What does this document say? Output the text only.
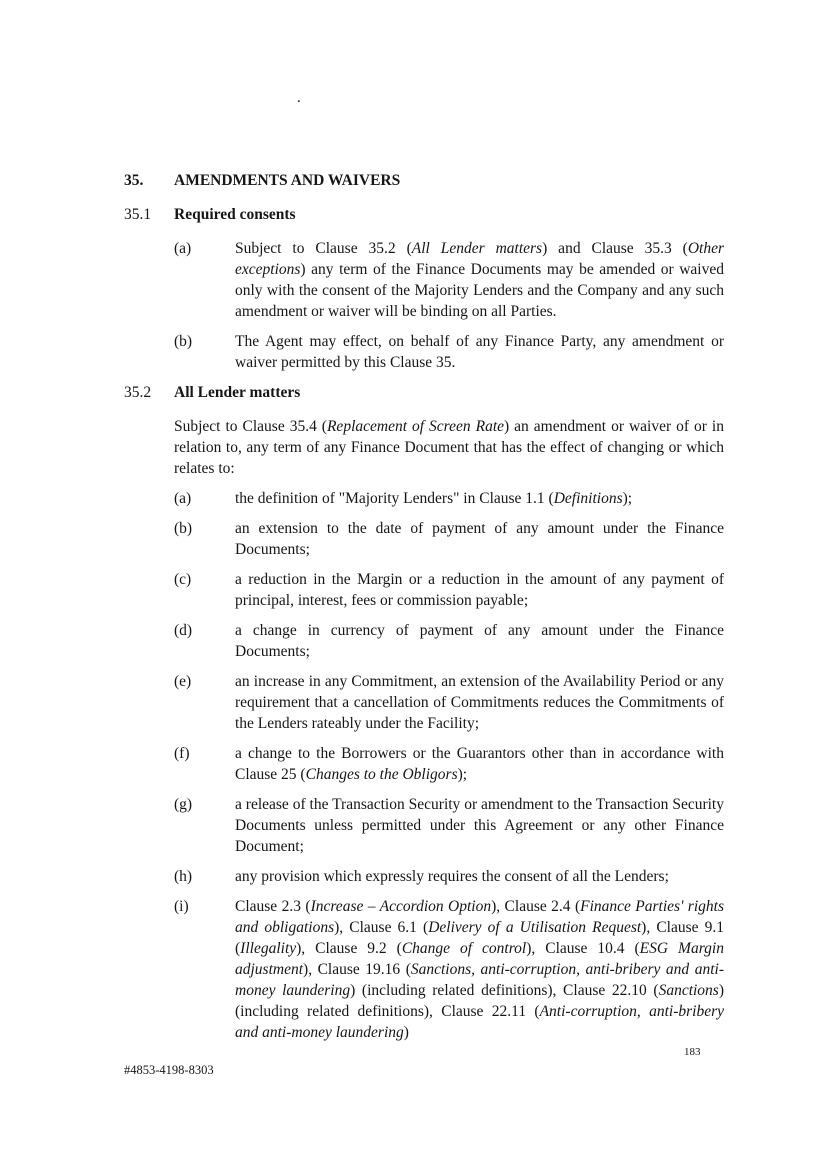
.
35.	AMENDMENTS AND WAIVERS
35.1	Required consents
(a)	Subject to Clause 35.2 (All Lender matters) and Clause 35.3 (Other exceptions) any term of the Finance Documents may be amended or waived only with the consent of the Majority Lenders and the Company and any such amendment or waiver will be binding on all Parties.
(b)	The Agent may effect, on behalf of any Finance Party, any amendment or waiver permitted by this Clause 35.
35.2	All Lender matters
Subject to Clause 35.4 (Replacement of Screen Rate) an amendment or waiver of or in relation to, any term of any Finance Document that has the effect of changing or which relates to:
(a)	the definition of "Majority Lenders" in Clause 1.1 (Definitions);
(b)	an extension to the date of payment of any amount under the Finance Documents;
(c)	a reduction in the Margin or a reduction in the amount of any payment of principal, interest, fees or commission payable;
(d)	a change in currency of payment of any amount under the Finance Documents;
(e)	an increase in any Commitment, an extension of the Availability Period or any requirement that a cancellation of Commitments reduces the Commitments of the Lenders rateably under the Facility;
(f)	a change to the Borrowers or the Guarantors other than in accordance with Clause 25 (Changes to the Obligors);
(g)	a release of the Transaction Security or amendment to the Transaction Security Documents unless permitted under this Agreement or any other Finance Document;
(h)	any provision which expressly requires the consent of all the Lenders;
(i)	Clause 2.3 (Increase – Accordion Option), Clause 2.4 (Finance Parties' rights and obligations), Clause 6.1 (Delivery of a Utilisation Request), Clause 9.1 (Illegality), Clause 9.2 (Change of control), Clause 10.4 (ESG Margin adjustment), Clause 19.16 (Sanctions, anti-corruption, anti-bribery and anti-money laundering) (including related definitions), Clause 22.10 (Sanctions) (including related definitions), Clause 22.11 (Anti-corruption, anti-bribery and anti-money laundering)
183
#4853-4198-8303
